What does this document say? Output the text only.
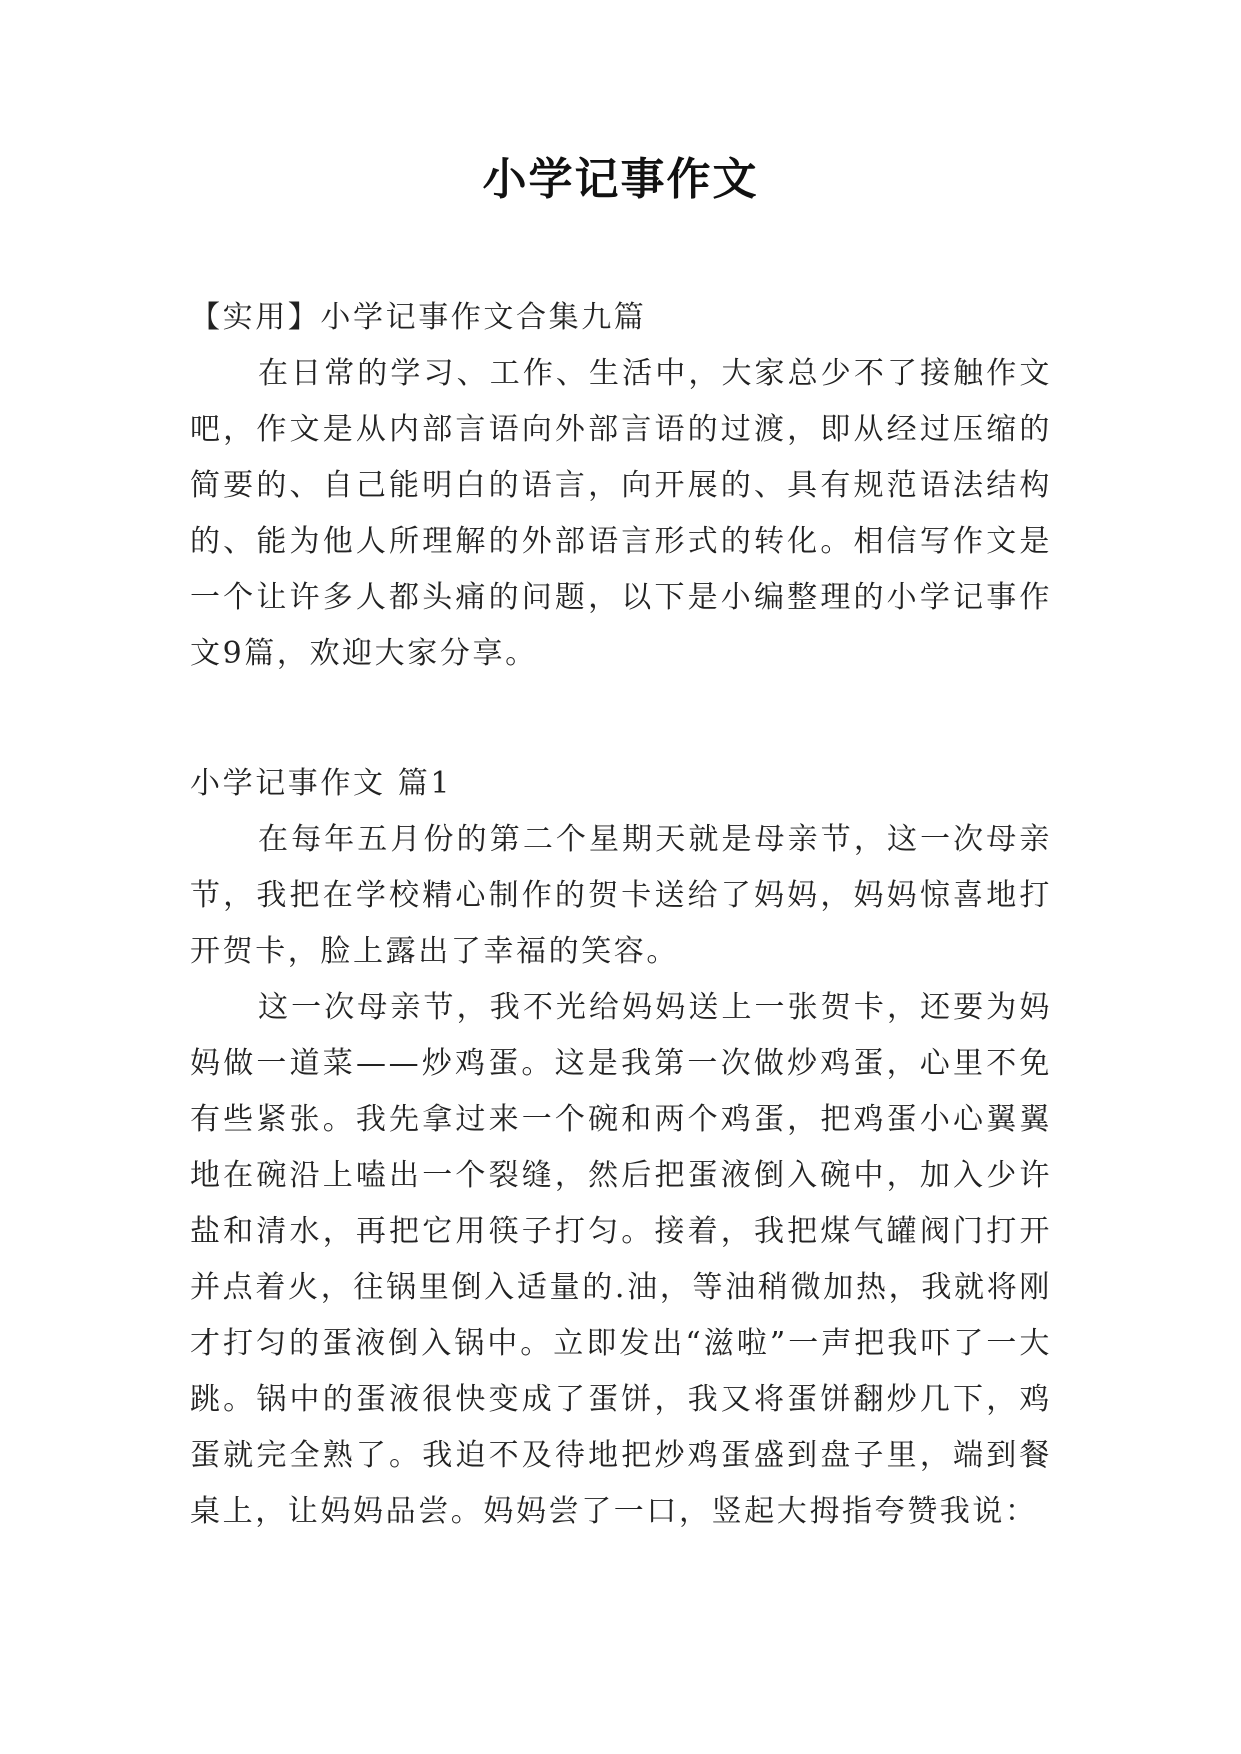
小学记事作文
【实用】小学记事作文合集九篇

在日常的学习、工作、生活中，大家总少不了接触作文吧，作文是从内部言语向外部言语的过渡，即从经过压缩的简要的、自己能明白的语言，向开展的、具有规范语法结构的、能为他人所理解的外部语言形式的转化。相信写作文是一个让许多人都头痛的问题，以下是小编整理的小学记事作文9篇，欢迎大家分享。

小学记事作文 篇1

在每年五月份的第二个星期天就是母亲节，这一次母亲节，我把在学校精心制作的贺卡送给了妈妈，妈妈惊喜地打开贺卡，脸上露出了幸福的笑容。

这一次母亲节，我不光给妈妈送上一张贺卡，还要为妈妈做一道菜——炒鸡蛋。这是我第一次做炒鸡蛋，心里不免有些紧张。我先拿过来一个碗和两个鸡蛋，把鸡蛋小心翼翼地在碗沿上嗑出一个裂缝，然后把蛋液倒入碗中，加入少许盐和清水，再把它用筷子打匀。接着，我把煤气罐阀门打开并点着火，往锅里倒入适量的.油，等油稍微加热，我就将刚才打匀的蛋液倒入锅中。立即发出“滋啦”一声把我吓了一大跳。锅中的蛋液很快变成了蛋饼，我又将蛋饼翻炒几下，鸡蛋就完全熟了。我迫不及待地把炒鸡蛋盛到盘子里，端到餐桌上，让妈妈品尝。妈妈尝了一口，竖起大拇指夸赞我说：
